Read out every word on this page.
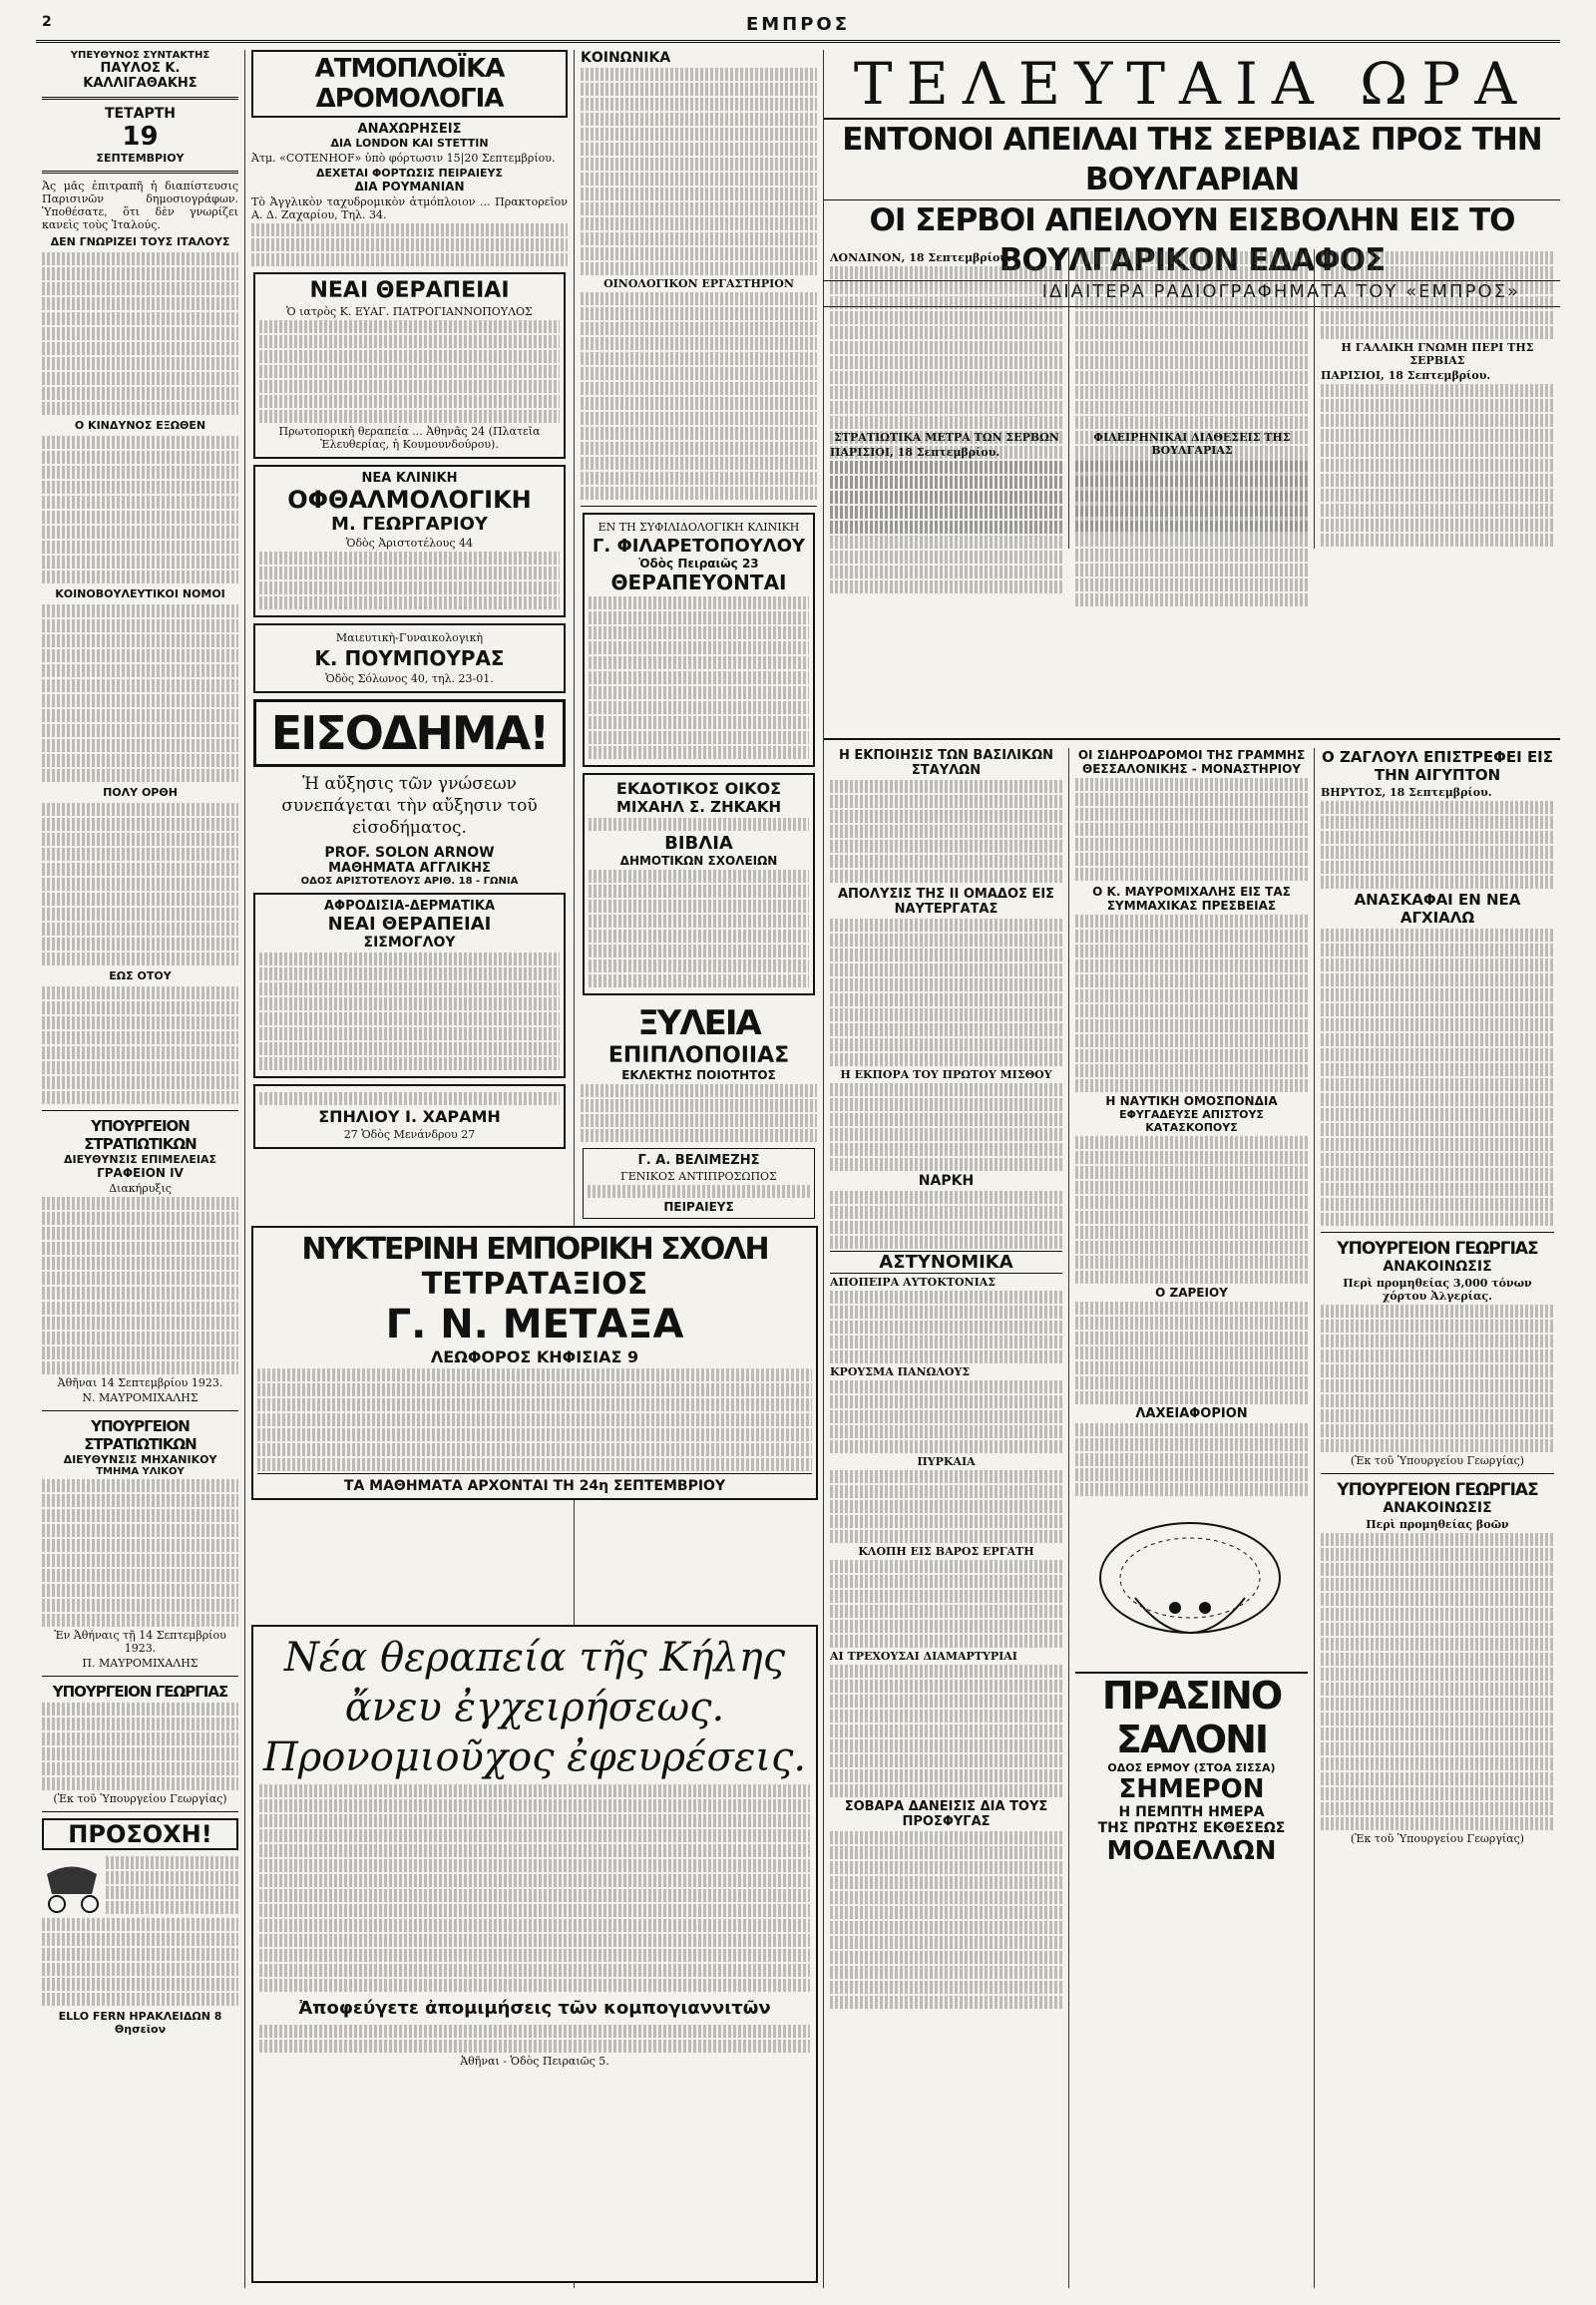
2	ΕΜΠΡΟΣ
ΥΠΕΥΘΥΝΟΣ ΣΥΝΤΑΚΤΗΣ
ΠΑΥΛΟΣ Κ. ΚΑΛΛΙΓΑΘΑΚΗΣ
ΤΕΤΑΡΤΗ
19
ΣΕΠΤΕΜΒΡΙΟΥ

Ἀς μᾶς ἐπιτραπῆ ἡ διαπίστευσις Παρισινῶν δημοσιογράφων. Ὑποθέσατε, ὅτι δὲν γνωρίζει κανεὶς τοὺς Ἰταλούς.

ΔΕΝ ΓΝΩΡΙΖΕΙ ΤΟΥΣ ΙΤΑΛΟΥΣ
Ο ΚΙΝΔΥΝΟΣ ΕΞΩΘΕΝ
ΚΟΙΝΟΒΟΥΛΕΥΤΙΚΟΙ ΝΟΜΟΙ
ΠΟΛΥ ΟΡΘΗ
ΕΩΣ ΟΤΟΥ
ΥΠΟΥΡΓΕΙΟΝ ΣΤΡΑΤΙΩΤΙΚΩΝ
ΔΙΕΥΘΥΝΣΙΣ ΕΠΙΜΕΛΕΙΑΣ
ΓΡΑΦΕΙΟΝ IV
Διακήρυξις
Ἀθῆναι 14 Σεπτεμβρίου 1923.
Ν. ΜΑΥΡΟΜΙΧΑΛΗΣ
ΥΠΟΥΡΓΕΙΟΝ ΣΤΡΑΤΙΩΤΙΚΩΝ
ΔΙΕΥΘΥΝΣΙΣ ΜΗΧΑΝΙΚΟΥ
ΤΜΗΜΑ ΥΛΙΚΟΥ
Ἐν Ἀθήναις τῇ 14 Σεπτεμβρίου 1923.
Π. ΜΑΥΡΟΜΙΧΑΛΗΣ
ΥΠΟΥΡΓΕΙΟΝ ΓΕΩΡΓΙΑΣ
(Ἐκ τοῦ Ὑπουργείου Γεωργίας)
ΠΡΟΣΟΧΗ!
ELLO FERN ΗΡΑΚΛΕΙΔΩΝ 8 Θησεῖον
ΑΤΜΟΠΛΟΪΚΑ ΔΡΟΜΟΛΟΓΙΑ
ΑΝΑΧΩΡΗΣΕΙΣ
ΔΙΑ LONDON ΚΑΙ STETTIN

Ἀτμ. «COTENHOF» ὑπὸ φόρτωσιν 15|20 Σεπτεμβρίου.

ΔΕΧΕΤΑΙ ΦΟΡΤΩΣΙΣ ΠΕΙΡΑΙΕΥΣ
ΔΙΑ ΡΟΥΜΑΝΙΑΝ

Τὸ Ἀγγλικὸν ταχυδρομικὸν ἀτμόπλοιον ... Πρακτορεῖον Α. Δ. Ζαχαρίου, Τηλ. 34.

ΝΕΑΙ ΘΕΡΑΠΕΙΑΙ
Ὁ ιατρὸς Κ. ΕΥΑΓ. ΠΑΤΡΟΓΙΑΝΝΟΠΟΥΛΟΣ
Πρωτοπορικὴ θεραπεία ... Ἀθηνᾶς 24 (Πλατεῖα Ἐλευθερίας, ἡ Κουμουνδούρου).
ΝΕΑ ΚΛΙΝΙΚΗ
ΟΦΘΑΛΜΟΛΟΓΙΚΗ
Μ. ΓΕΩΡΓΑΡΙΟΥ
Ὁδὸς Ἀριστοτέλους 44
Μαιευτικὴ-Γυναικολογικὴ
Κ. ΠΟΥΜΠΟΥΡΑΣ
Ὁδὸς Σόλωνος 40, τηλ. 23-01.
ΕΙΣΟΔΗΜΑ!
Ἡ αὔξησις τῶν γνώσεων συνεπάγεται τὴν αὔξησιν τοῦ εἰσοδήματος.
PROF. SOLON ARNOW
ΜΑΘΗΜΑΤΑ ΑΓΓΛΙΚΗΣ
ΟΔΟΣ ΑΡΙΣΤΟΤΕΛΟΥΣ ΑΡΙΘ. 18 - ΓΩΝΙΑ
ΑΦΡΟΔΙΣΙΑ-ΔΕΡΜΑΤΙΚΑ
ΝΕΑΙ ΘΕΡΑΠΕΙΑΙ
ΣΙΣΜΟΓΛΟΥ
ΣΠΗΛΙΟΥ Ι. ΧΑΡΑΜΗ
27 Ὁδὸς Μενάνδρου 27
ΚΟΙΝΩΝΙΚΑ
ΟΙΝΟΛΟΓΙΚΟΝ ΕΡΓΑΣΤΗΡΙΟΝ
ΕΝ ΤΗ ΣΥΦΙΛΙΔΟΛΟΓΙΚΗ ΚΛΙΝΙΚΗ
Γ. ΦΙΛΑΡΕΤΟΠΟΥΛΟΥ
Ὁδὸς Πειραιῶς 23
ΘΕΡΑΠΕΥΟΝΤΑΙ
ΕΚΔΟΤΙΚΟΣ ΟΙΚΟΣ
ΜΙΧΑΗΛ Σ. ΖΗΚΑΚΗ
ΒΙΒΛΙΑ
ΔΗΜΟΤΙΚΩΝ ΣΧΟΛΕΙΩΝ
ΞΥΛΕΙΑ
ΕΠΙΠΛΟΠΟΙΙΑΣ
ΕΚΛΕΚΤΗΣ ΠΟΙΟΤΗΤΟΣ
Γ. Α. ΒΕΛΙΜΕΖΗΣ
ΓΕΝΙΚΟΣ ΑΝΤΙΠΡΟΣΩΠΟΣ
ΠΕΙΡΑΙΕΥΣ
ΤΕΛΕΥΤΑΙΑ ΩΡΑ
ΕΝΤΟΝΟΙ ΑΠΕΙΛΑΙ ΤΗΣ ΣΕΡΒΙΑΣ ΠΡΟΣ ΤΗΝ ΒΟΥΛΓΑΡΙΑΝ
ΟΙ ΣΕΡΒΟΙ ΑΠΕΙΛΟΥΝ ΕΙΣΒΟΛΗΝ ΕΙΣ ΤΟ ΒΟΥΛΓΑΡΙΚΟΝ ΕΔΑΦΟΣ
ΙΔΙΑΙΤΕΡΑ ΡΑΔΙΟΓΡΑΦΗΜΑΤΑ ΤΟΥ «ΕΜΠΡΟΣ»

ΛΟΝΔΙΝΟΝ, 18 Σεπτεμβρίου.

Η ΓΑΛΛΙΚΗ ΓΝΩΜΗ ΠΕΡΙ ΤΗΣ ΣΕΡΒΙΑΣ

ΠΑΡΙΣΙΟΙ, 18 Σεπτεμβρίου.

ΣΤΡΑΤΙΩΤΙΚΑ ΜΕΤΡΑ ΤΩΝ ΣΕΡΒΩΝ

ΠΑΡΙΣΙΟΙ, 18 Σεπτεμβρίου.

ΦΙΛΕΙΡΗΝΙΚΑΙ ΔΙΑΘΕΣΕΙΣ ΤΗΣ ΒΟΥΛΓΑΡΙΑΣ
Η ΕΚΠΟΙΗΣΙΣ ΤΩΝ ΒΑΣΙΛΙΚΩΝ ΣΤΑΥΛΩΝ
ΑΠΟΛΥΣΙΣ ΤΗΣ ΙΙ ΟΜΑΔΟΣ ΕΙΣ ΝΑΥΤΕΡΓΑΤΑΣ
Η ΕΚΠΟΡΑ ΤΟΥ ΠΡΩΤΟΥ ΜΙΣΘΟΥ
ΝΑΡΚΗ
ΑΣΤΥΝΟΜΙΚΑ
ΑΠΟΠΕΙΡΑ ΑΥΤΟΚΤΟΝΙΑΣ
ΚΡΟΥΣΜΑ ΠΑΝΩΛΟΥΣ
ΠΥΡΚΑΙΑ
ΚΛΟΠΗ ΕΙΣ ΒΑΡΟΣ ΕΡΓΑΤΗ
ΑΙ ΤΡΕΧΟΥΣΑΙ ΔΙΑΜΑΡΤΥΡΙΑΙ
ΣΟΒΑΡΑ ΔΑΝΕΙΣΙΣ ΔΙΑ ΤΟΥΣ ΠΡΟΣΦΥΓΑΣ
ΟΙ ΣΙΔΗΡΟΔΡΟΜΟΙ ΤΗΣ ΓΡΑΜΜΗΣ ΘΕΣΣΑΛΟΝΙΚΗΣ - ΜΟΝΑΣΤΗΡΙΟΥ
Ο Κ. ΜΑΥΡΟΜΙΧΑΛΗΣ ΕΙΣ ΤΑΣ ΣΥΜΜΑΧΙΚΑΣ ΠΡΕΣΒΕΙΑΣ
Η ΝΑΥΤΙΚΗ ΟΜΟΣΠΟΝΔΙΑ
ΕΦΥΓΑΔΕΥΣΕ ΑΠΙΣΤΟΥΣ ΚΑΤΑΣΚΟΠΟΥΣ
Ο ΖΑΡΕΙΟΥ
ΛΑΧΕΙΑΦΟΡΙΟΝ
ΠΡΑΣΙΝΟ ΣΑΛΟΝΙ
ΟΔΟΣ ΕΡΜΟΥ (ΣΤΟΑ ΣΙΣΣΑ)
ΣΗΜΕΡΟΝ
Η ΠΕΜΠΤΗ ΗΜΕΡΑ
ΤΗΣ ΠΡΩΤΗΣ ΕΚΘΕΣΕΩΣ
ΜΟΔΕΛΛΩΝ
Ο ΖΑΓΛΟΥΛ ΕΠΙΣΤΡΕΦΕΙ ΕΙΣ ΤΗΝ ΑΙΓΥΠΤΟΝ

ΒΗΡΥΤΟΣ, 18 Σεπτεμβρίου.

ΑΝΑΣΚΑΦΑΙ ΕΝ ΝΕΑ ΑΓΧΙΑΛΩ
ΥΠΟΥΡΓΕΙΟΝ ΓΕΩΡΓΙΑΣ
ΑΝΑΚΟΙΝΩΣΙΣ
Περὶ προμηθείας 3,000 τόνων χόρτου Ἀλγερίας.
(Ἐκ τοῦ Ὑπουργείου Γεωργίας)
ΥΠΟΥΡΓΕΙΟΝ ΓΕΩΡΓΙΑΣ
ΑΝΑΚΟΙΝΩΣΙΣ
Περὶ προμηθείας βοῶν
(Ἐκ τοῦ Ὑπουργείου Γεωργίας)
ΝΥΚΤΕΡΙΝΗ ΕΜΠΟΡΙΚΗ ΣΧΟΛΗ
ΤΕΤΡΑΤΑΞΙΟΣ
Γ. Ν. ΜΕΤΑΞΑ
ΛΕΩΦΟΡΟΣ ΚΗΦΙΣΙΑΣ 9
ΤΑ ΜΑΘΗΜΑΤΑ ΑΡΧΟΝΤΑΙ ΤΗ 24η ΣΕΠΤΕΜΒΡΙΟΥ
Νέα θεραπεία τῆς Κήλης
ἄνευ ἐγχειρήσεως.
Προνομιοῦχος ἐφευρέσεις.
Ἀποφεύγετε ἀπομιμήσεις τῶν κομπογιαννιτῶν
Ἀθῆναι - Ὁδὸς Πειραιῶς 5.
